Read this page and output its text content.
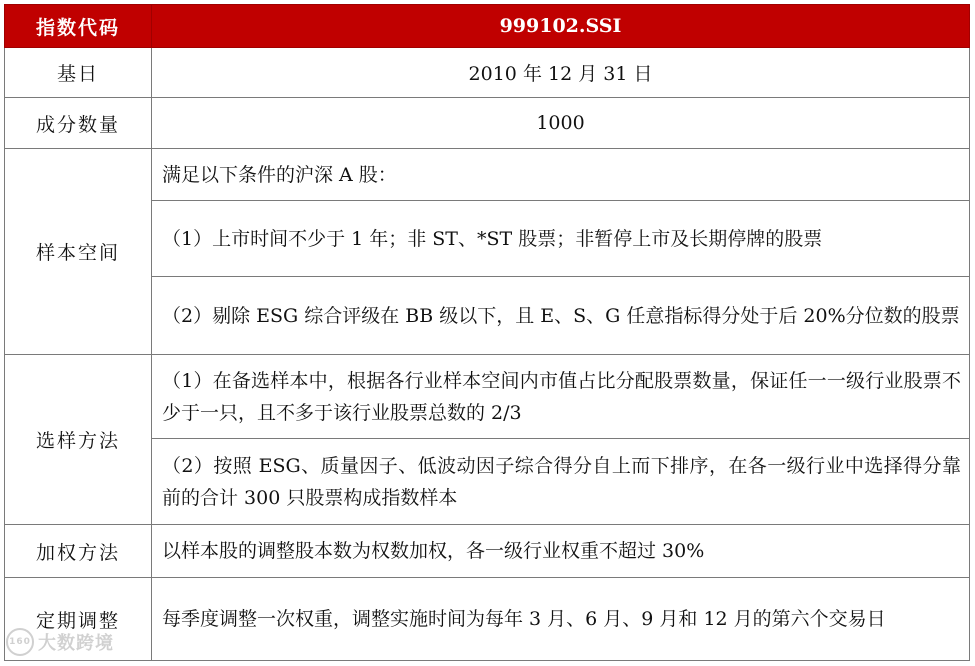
指数代码	999102.SSI
基日	2010 年 12 月 31 日
成分数量	1000
样本空间	满足以下条件的沪深 A 股：
	（1）上市时间不少于 1 年；非 ST、*ST 股票；非暂停上市及长期停牌的股票
	（2）剔除 ESG 综合评级在 BB 级以下，且 E、S、G 任意指标得分处于后 20%分位数的股票
选样方法	（1）在备选样本中，根据各行业样本空间内市值占比分配股票数量，保证任一一级行业股票不少于一只，且不多于该行业股票总数的 2/3
	（2）按照 ESG、质量因子、低波动因子综合得分自上而下排序，在各一级行业中选择得分靠前的合计 300 只股票构成指数样本
加权方法	以样本股的调整股本数为权数加权，各一级行业权重不超过 30%
定期调整	每季度调整一次权重，调整实施时间为每年 3 月、6 月、9 月和 12 月的第六个交易日
160 大数跨境
